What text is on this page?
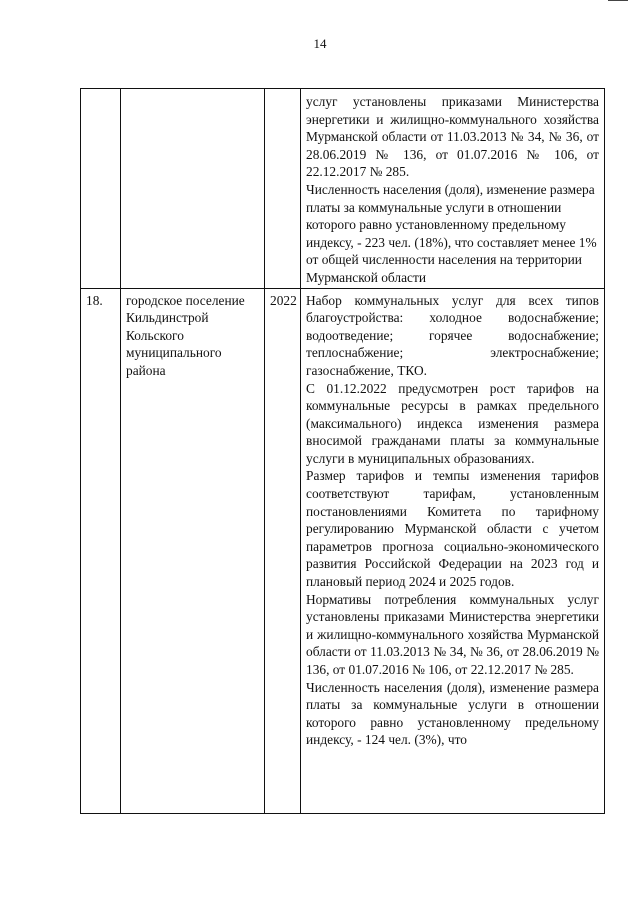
14

			услуг установлены приказами Министерства энергетики и жилищно-коммунального хозяйства Мурманской области от 11.03.2013 № 34, № 36, от 28.06.2019 № 136, от 01.07.2016 № 106, от 22.12.2017 № 285.
Численность населения (доля), изменение размера платы за коммунальные услуги в отношении которого равно установленному предельному индексу, - 223 чел. (18%), что составляет менее 1% от общей численности населения на территории Мурманской области

18.	городское поселение Кильдинстрой Кольского муниципального района	2022	Набор коммунальных услуг для всех типов благоустройства: холодное водоснабжение; водоотведение; горячее водоснабжение; теплоснабжение; электроснабжение; газоснабжение, ТКО.
С 01.12.2022 предусмотрен рост тарифов на коммунальные ресурсы в рамках предельного (максимального) индекса изменения размера вносимой гражданами платы за коммунальные услуги в муниципальных образованиях.
Размер тарифов и темпы изменения тарифов соответствуют тарифам, установленным постановлениями Комитета по тарифному регулированию Мурманской области с учетом параметров прогноза социально-экономического развития Российской Федерации на 2023 год и плановый период 2024 и 2025 годов.
Нормативы потребления коммунальных услуг установлены приказами Министерства энергетики и жилищно-коммунального хозяйства Мурманской области от 11.03.2013 № 34, № 36, от 28.06.2019 № 136, от 01.07.2016 № 106, от 22.12.2017 № 285.
Численность населения (доля), изменение размера платы за коммунальные услуги в отношении которого равно установленному предельному индексу, - 124 чел. (3%), что
